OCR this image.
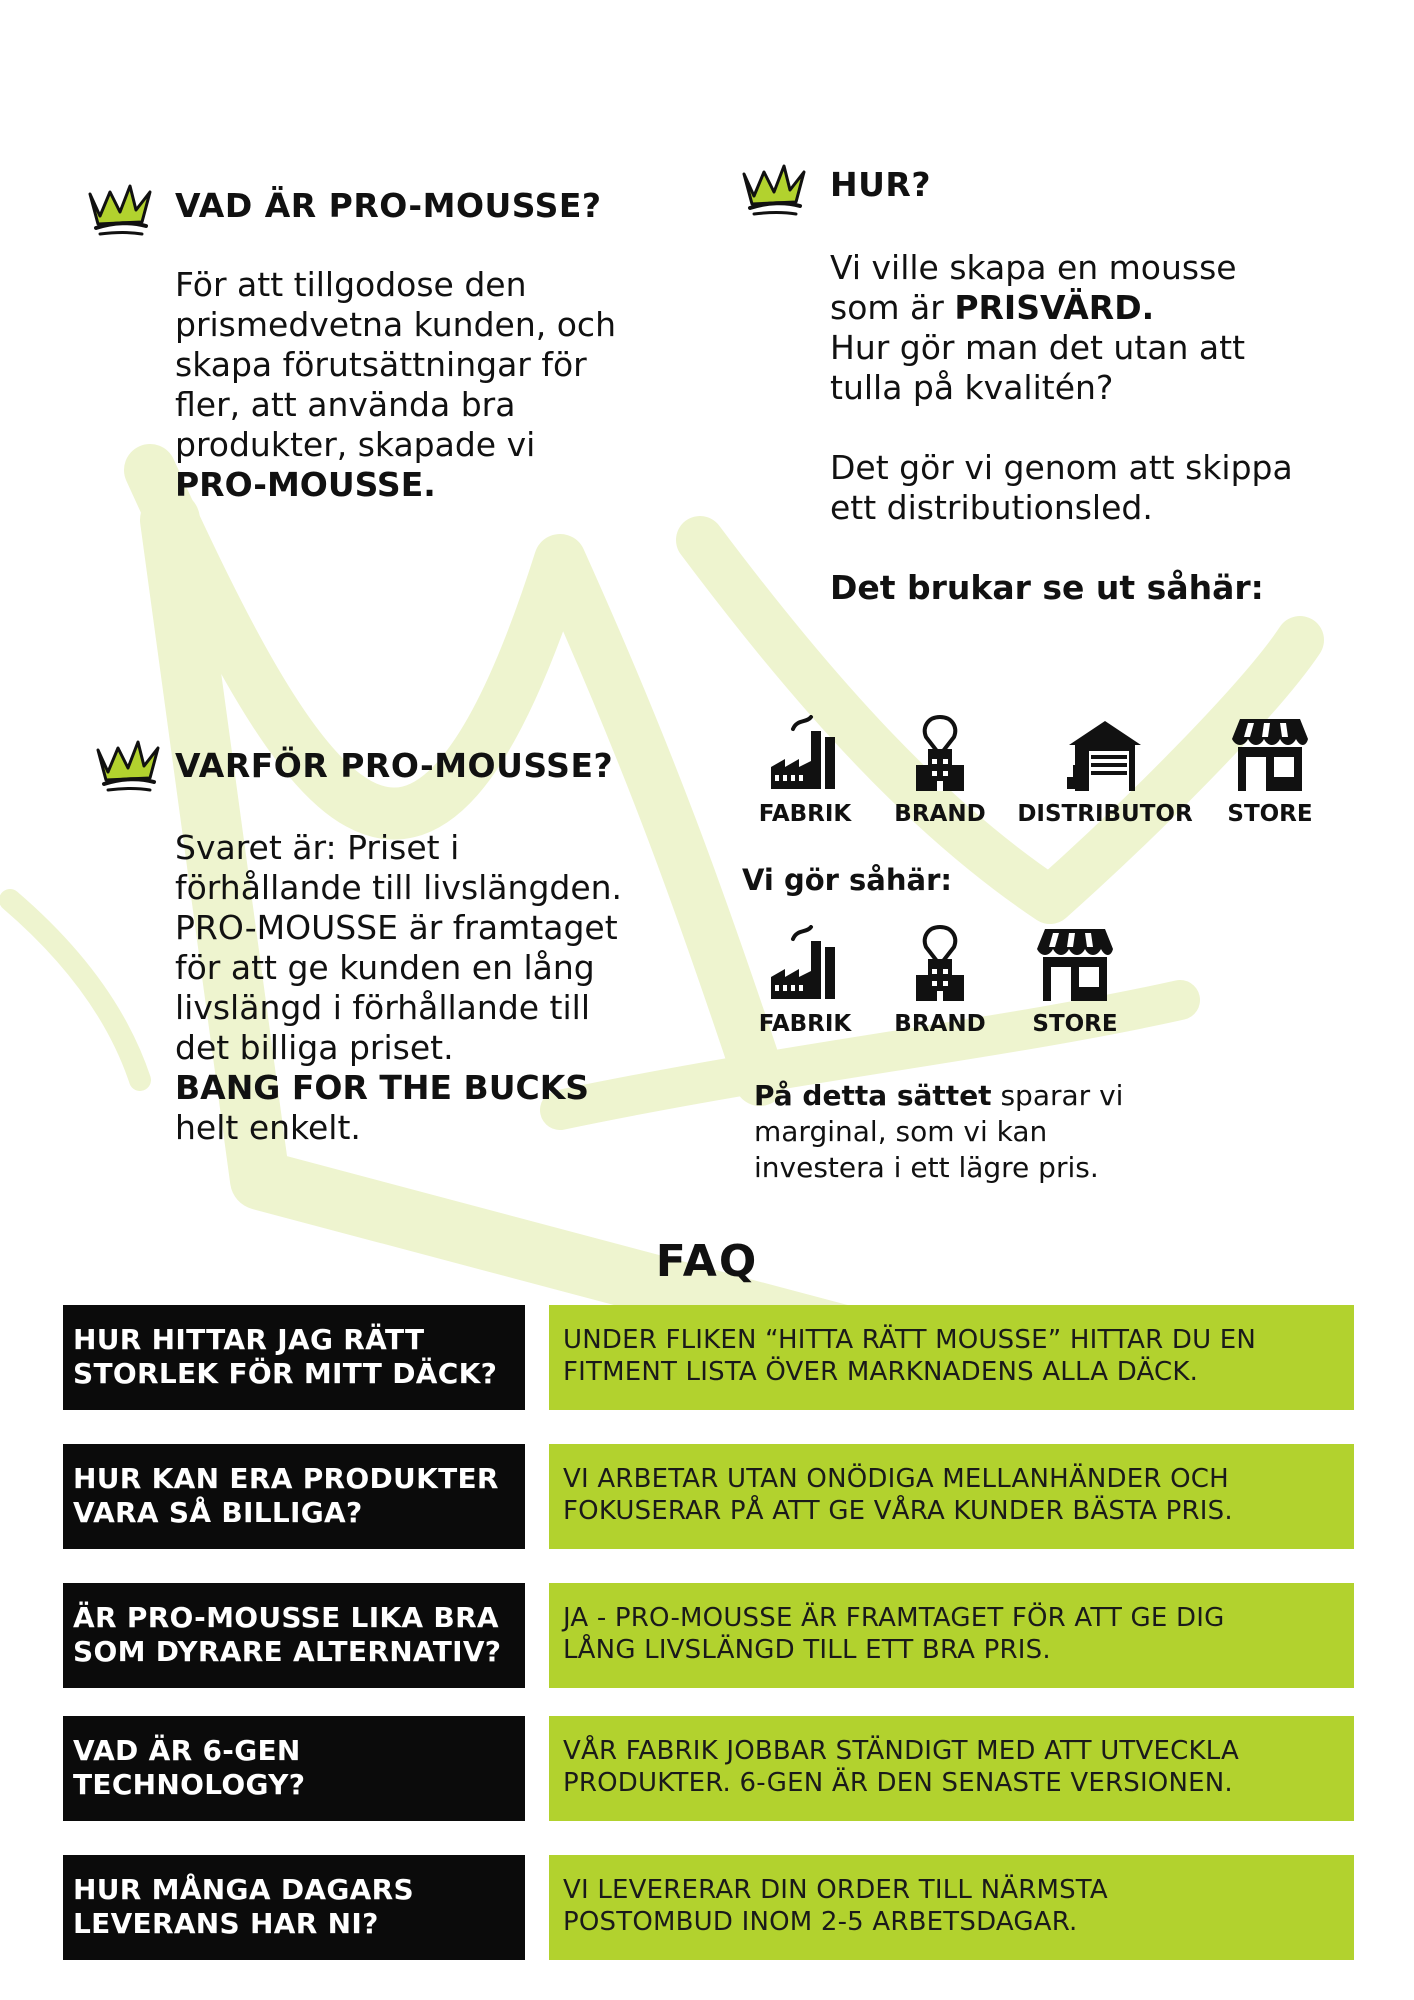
VAD ÄR PRO-MOUSSE?
För att tillgodose den
prismedvetna kunden, och
skapa förutsättningar för
fler, att använda bra
produkter, skapade vi
PRO-MOUSSE.
HUR?
Vi ville skapa en mousse
som är PRISVÄRD.
Hur gör man det utan att
tulla på kvalitén?
Det gör vi genom att skippa
ett distributionsled.
Det brukar se ut såhär:
VARFÖR PRO-MOUSSE?
Svaret är: Priset i
förhållande till livslängden.
PRO-MOUSSE är framtaget
för att ge kunden en lång
livslängd i förhållande till
det billiga priset.
BANG FOR THE BUCKS
helt enkelt.
FABRIK	BRAND	DISTRIBUTOR	STORE
Vi gör såhär:
FABRIK	BRAND	STORE
På detta sättet sparar vi
marginal, som vi kan
investera i ett lägre pris.
FAQ
HUR HITTAR JAG RÄTT
STORLEK FÖR MITT DÄCK?
UNDER FLIKEN “HITTA RÄTT MOUSSE” HITTAR DU EN
FITMENT LISTA ÖVER MARKNADENS ALLA DÄCK.
HUR KAN ERA PRODUKTER
VARA SÅ BILLIGA?
VI ARBETAR UTAN ONÖDIGA MELLANHÄNDER OCH
FOKUSERAR PÅ ATT GE VÅRA KUNDER BÄSTA PRIS.
ÄR PRO-MOUSSE LIKA BRA
SOM DYRARE ALTERNATIV?
JA - PRO-MOUSSE ÄR FRAMTAGET FÖR ATT GE DIG
LÅNG LIVSLÄNGD TILL ETT BRA PRIS.
VAD ÄR 6-GEN
TECHNOLOGY?
VÅR FABRIK JOBBAR STÄNDIGT MED ATT UTVECKLA
PRODUKTER. 6-GEN ÄR DEN SENASTE VERSIONEN.
HUR MÅNGA DAGARS
LEVERANS HAR NI?
VI LEVERERAR DIN ORDER TILL NÄRMSTA
POSTOMBUD INOM 2-5 ARBETSDAGAR.
